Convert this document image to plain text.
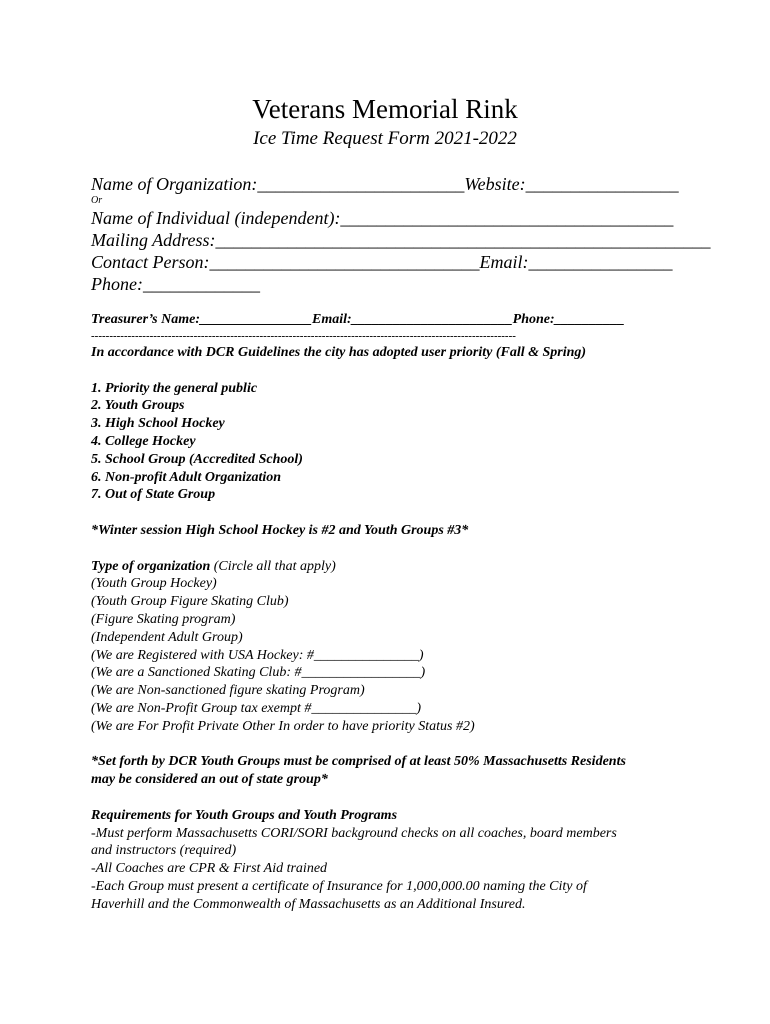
Veterans Memorial Rink
Ice Time Request Form 2021-2022
Name of Organization:_______________________Website:_________________
Or
Name of Individual (independent):_____________________________________
Mailing Address:_______________________________________________________
Contact Person:______________________________Email:________________
Phone:_____________
Treasurer’s Name:________________Email:_______________________Phone:__________
--------------------------------------------------------------------------------------------------------------------
In accordance with DCR Guidelines the city has adopted user priority (Fall & Spring)
1. Priority the general public
2. Youth Groups
3. High School Hockey
4. College Hockey
5. School Group (Accredited School)
6. Non-profit Adult Organization
7. Out of State Group
*Winter session High School Hockey is #2 and Youth Groups #3*
Type of organization (Circle all that apply)
(Youth Group Hockey)
(Youth Group Figure Skating Club)
(Figure Skating program)
(Independent Adult Group)
(We are Registered with USA Hockey: #_______________)
(We are a Sanctioned Skating Club: #_________________)
(We are Non-sanctioned figure skating Program)
(We are Non-Profit Group tax exempt #_______________)
(We are For Profit Private Other In order to have priority Status #2)
*Set forth by DCR Youth Groups must be comprised of at least 50% Massachusetts Residents
may be considered an out of state group*
Requirements for Youth Groups and Youth Programs
-Must perform Massachusetts CORI/SORI background checks on all coaches, board members
and instructors (required)
-All Coaches are CPR & First Aid trained
-Each Group must present a certificate of Insurance for 1,000,000.00 naming the City of
Haverhill and the Commonwealth of Massachusetts as an Additional Insured.
